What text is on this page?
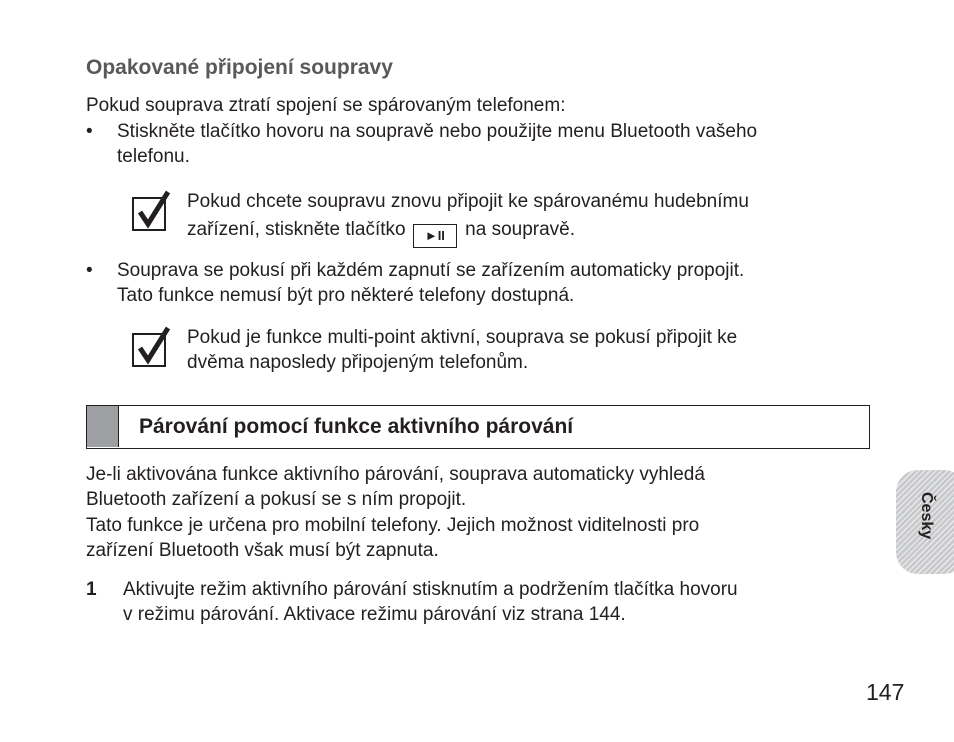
Opakované připojení soupravy
Pokud souprava ztratí spojení se spárovaným telefonem:
• Stiskněte tlačítko hovoru na soupravě nebo použijte menu Bluetooth vašeho
telefonu.
Pokud chcete soupravu znovu připojit ke spárovanému hudebnímu
zařízení, stiskněte tlačítko ►II na soupravě.
• Souprava se pokusí při každém zapnutí se zařízením automaticky propojit.
Tato funkce nemusí být pro některé telefony dostupná.
Pokud je funkce multi-point aktivní, souprava se pokusí připojit ke
dvěma naposledy připojeným telefonům.
Párování pomocí funkce aktivního párování
Je-li aktivována funkce aktivního párování, souprava automaticky vyhledá
Bluetooth zařízení a pokusí se s ním propojit.
Tato funkce je určena pro mobilní telefony. Jejich možnost viditelnosti pro
zařízení Bluetooth však musí být zapnuta.
1 Aktivujte režim aktivního párování stisknutím a podržením tlačítka hovoru
v režimu párování. Aktivace režimu párování viz strana 144.
Česky
147
